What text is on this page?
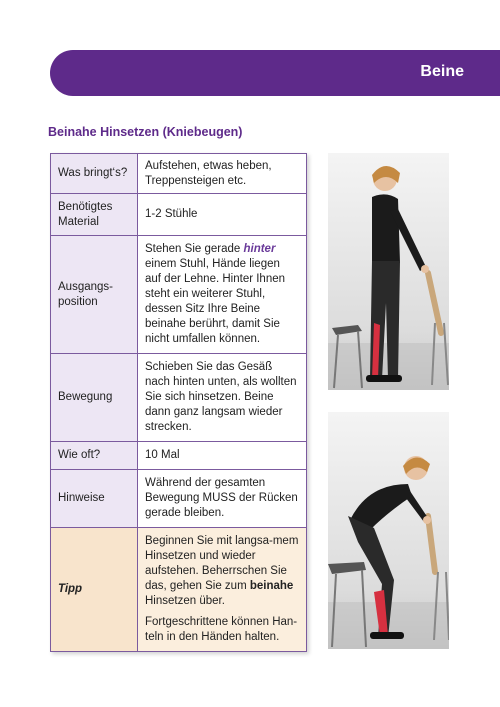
Beine
Beinahe Hinsetzen (Kniebeugen)
Was bringt‘s?	Aufstehen, etwas heben, Treppensteigen etc.
Benötigtes Material	1-2 Stühle
Ausgangs-position	Stehen Sie gerade hinter einem Stuhl, Hände liegen auf der Lehne. Hinter Ihnen steht ein weiterer Stuhl, dessen Sitz Ihre Beine beinahe berührt, damit Sie nicht umfallen können.
Bewegung	Schieben Sie das Gesäß nach hinten unten, als wollten Sie sich hinsetzen. Beine dann ganz langsam wieder strecken.
Wie oft?	10 Mal
Hinweise	Während der gesamten Bewegung MUSS der Rücken gerade bleiben.
Tipp	Beginnen Sie mit langsa-mem Hinsetzen und wieder aufstehen. Beherrschen Sie das, gehen Sie zum beinahe Hinsetzen über.

Fortgeschrittene können Han-teln in den Händen halten.
